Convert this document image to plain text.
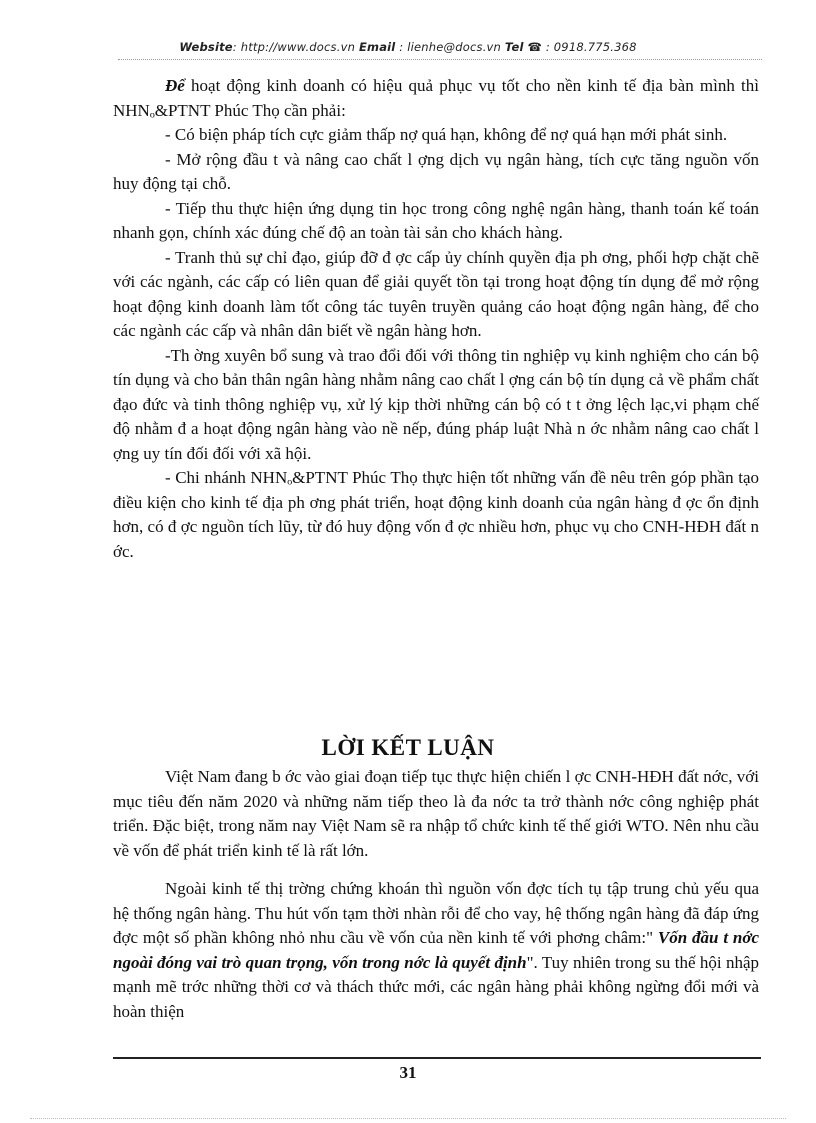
Website: http://www.docs.vn Email : lienhe@docs.vn Tel ☎ : 0918.775.368

Để hoạt động kinh doanh có hiệu quả phục vụ tốt cho nền kinh tế địa bàn mình thì NHNₒ&PTNT Phúc Thọ cần phải:

- Có biện pháp tích cực giảm thấp nợ quá hạn, không để nợ quá hạn mới phát sinh.

- Mở rộng đầu t và nâng cao chất l ợng dịch vụ ngân hàng, tích cực tăng nguồn vốn huy động tại chỗ.

- Tiếp thu thực hiện ứng dụng tin học trong công nghệ ngân hàng, thanh toán kế toán nhanh gọn, chính xác đúng chế độ an toàn tài sản cho khách hàng.

- Tranh thủ sự chỉ đạo, giúp đỡ đ ợc cấp ủy chính quyền địa ph ơng, phối hợp chặt chẽ với các ngành, các cấp có liên quan để giải quyết tồn tại trong hoạt động tín dụng để mở rộng hoạt động kinh doanh làm tốt công tác tuyên truyền quảng cáo hoạt động ngân hàng, để cho các ngành các cấp và nhân dân biết về ngân hàng hơn.

-Th ờng xuyên bổ sung và trao đổi đối với thông tin nghiệp vụ kinh nghiệm cho cán bộ tín dụng và cho bản thân ngân hàng nhằm nâng cao chất l ợng cán bộ tín dụng cả về phẩm chất đạo đức và tinh thông nghiệp vụ, xử lý kịp thời những cán bộ có t t ởng lệch lạc,vi phạm chế độ nhằm đ a hoạt động ngân hàng vào nề nếp, đúng pháp luật Nhà n ớc nhằm nâng cao chất l ợng uy tín đối đối với xã hội.

- Chi nhánh NHNₒ&PTNT Phúc Thọ thực hiện tốt những vấn đề nêu trên góp phần tạo điều kiện cho kinh tế địa ph ơng phát triển, hoạt động kinh doanh của ngân hàng đ ợc ổn định hơn, có đ ợc nguồn tích lũy, từ đó huy động vốn đ ợc nhiều hơn, phục vụ cho CNH-HĐH đất n ớc.

LỜI KẾT LUẬN

Việt Nam đang b ớc vào giai đoạn tiếp tục thực hiện chiến l ợc CNH-HĐH đất nớc, với mục tiêu đến năm 2020 và những năm tiếp theo là đa nớc ta trở thành nớc công nghiệp phát triển. Đặc biệt, trong năm nay Việt Nam sẽ ra nhập tổ chức kinh tế thế giới WTO. Nên nhu cầu về vốn để phát triển kinh tế là rất lớn.

Ngoài kinh tế thị trờng chứng khoán thì nguồn vốn đợc tích tụ tập trung chủ yếu qua hệ thống ngân hàng. Thu hút vốn tạm thời nhàn rỗi để cho vay, hệ thống ngân hàng đã đáp ứng đợc một số phần không nhỏ nhu cầu về vốn của nền kinh tế với phơng châm:" Vốn đầu t nớc ngoài đóng vai trò quan trọng, vốn trong nớc là quyết định". Tuy nhiên trong su thế hội nhập mạnh mẽ trớc những thời cơ và thách thức mới, các ngân hàng phải không ngừng đổi mới và hoàn thiện

31
